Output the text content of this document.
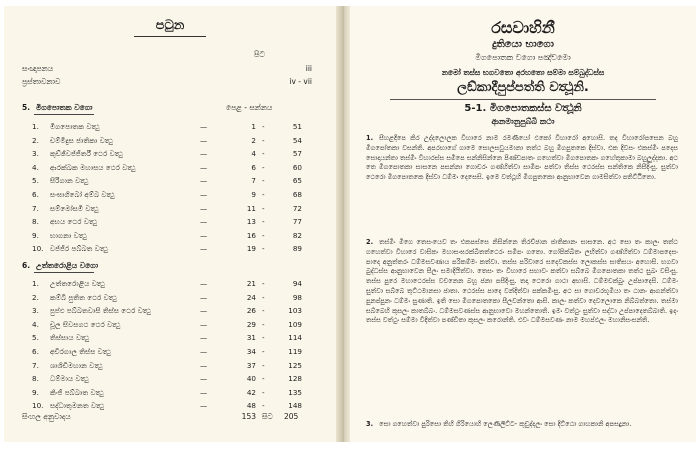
පටුන
පිට
සංඥාපනය	iii
ප්‍රස්තාවනාව	iv - vii
5. මිගපොතක වගො	පෙළ - සන්නය
1. මිගපොතක වත්‍ථු	—	1	51
-
2. චම්මිදුස ජාතිකා වත්‍ථු	—	2	54
-
3. කුච්ඡිවජ්ජිතරී ථෙර වත්‍ථු	—	4	57
-
4. ආරක්ඛක මහාසය ථෙර වත්‍ථු	—	6	60
-
5. සිරිගාන වත්‍ථු	—	7	65
-
6. සංඝාගිබෝ අම්බ වත්‍ථු	—	9	68
-
7. සම්මෝසමි වත්‍ථු	—	11	72
-
8. අභය ථෙර වත්‍ථු	—	13	77
-
9. භාගනා වත්‍ථු	—	16	82
-
10. වජ්ජිර පබ්බත වත්‍ථු	—	19	89
-
6. උත්තරොළිය වගො
1. උත්තරොළිය වත්‍ථු	—	21	94
-
2. කම්බි පුතිත ථෙර වත්‍ථු	—	24	98
-
3. පුප්ඵ පබ්බතවාසි තිස්ස ථෙර වත්‍ථු	—	26	103
-
4. චූල සිවසගථ ථෙර වත්‍ථු	—	29	109
-
5. තිස්සාය වත්‍ථු	—	31	114
-
6. අචිරගාල තිස්ස වත්‍ථු	—	34	119
-
7. ශාශිඩිමහාන වත්‍ථු	—	37	125
-
8. ධම්මාය වත්‍ථු	—	40	128
-
9. කිංජි පබ්බාත වත්‍ථු	—	42	135
-
10. සද්ධාතුමනත වත්‍ථු	—	48	148
-
සිංහල අනුවාදය	153 සිට 205
රසවාහිනී
දුතියො භාගො
මිගපොතක වගො පඤ්චමො
නමෝ තස්ස භගවතො අරහතො සම්මා සම්බුද්ධස්ස
ලඞ්කාදීපුප්පත්ති වත්‍ථූනි.
5-1. මිගපොතකස්ස වත්‍ථූනි
ආනමානුපුබ්බි කථා
1. සීහළදීපෙ කිර උද්දලොලක විහාරෙ නාම රමණීයෝ ඵකෝ විහාරෝ අහොසි. තද විහාරෝපසෙන බහු මිගපෝතකා වසන්ති. අපරභාගේ ගාමෙ සොලසවුයමානා තත්ථ බහු මිගපුතකෙ දිස්වා. එක දිවසං එකස්මිං පදෙස සොදායන්තා තස්මිං විහාරස්ස සමීපෙ සන්නිසින්නෙ පිණ්ඩපාතං ගහෙත්වා මිගපොතකං ගහේතුකාමා බහුලුද්දකා. අථ තෙ මිගපොතකා සාසනෙ පසන්නා ගොචරං ගණ්හිත්වා සාමීපං පත්වා තිස්ස ථෙරස්ස සන්තිකෙ නිසීදිංසු. සුත්වා ථෙරො මිගපොතකෙ දිස්වා ධම්මං දෙසෙසි. ඉමෙ වත්ථූහි මිගපුතකො ආනුභාවෙන ගාමසිත්වා පතිට්ඨිතො.
2. තස්මිං මිගෙ තෙසංයෙව තං එකපස්සෙ නිසින්නෙ තිරච්ඡාන ජාතිකානං සාසනෙ. අථ සො තං කාලං තත්ථ ගහෙත්වා විහාරෙ වාසිකං මහාසංඝරක්ඛිතත්ථෙරං සමීපං ගතො. ගෝපික්ඛිතං ලභිත්වා ගණ්හිත්වා ධම්මාපදෙසං පාදෙ අනුත්තරං ධම්මසවණාය පරිකම්මං කත්වා. තස්ස පරිවාරෙ සදෙවකස්ස ලොකස්ස සාතිසයං අහොසි. භගවා බුද්ධස්ස ආනුභාවෙන සීලං සමාදියිත්වා. තෙසං තං විහාරෙ සභාවං කත්වා සබ්බෙ මිගපොතකා තත්ථ සුඛං වසිංසු. තස්ස පුරෙ මහාථෙරස්ස වචනෙන බහූ ජනා පසීදිංසු. තදා ථෙරො ගාථා අභාසි. ධම්මචක්ඛුං උප්පාදෙසි. ධම්මං සුත්වා සබ්බෙ තුට්ඨමානසා ජාතා. ථෙරස්ස පාදෙ වන්දිත්වා පක්කමිංසු. අථ සා ගොචරභූමියා තං ඨානං ආගන්ත්වා පුනප්පුනං ධම්මං සුණාති. ඉති සො මිගපොතකො සීලවන්තො ආසි. කාලං කත්වා දෙවලොකෙ නිබ්බත්තො. තස්මා සබ්බෙහි කුසලං කාතබ්බං. ධම්මසවණස්ස ආනුභාවො මහන්තොති. ඉමං වත්ථුං සුත්වා සද්ධා උප්පාදෙතබ්බාති. ඉදං තස්ස වත්ථුං සම්මා විදිත්වා පණ්ඩිතා කුසලං කරොන්ති. එවං ධම්මසවණං නාම මහප්ඵලං මහානිසංසන්ති.
3. සො ගහෙත්වා පුරිසො තිහි ගිරියොහි ලෙණිලිට්ට- කුඩුද්දලං සො දිට්ඨො ගාහකානි අපසදුනා.
